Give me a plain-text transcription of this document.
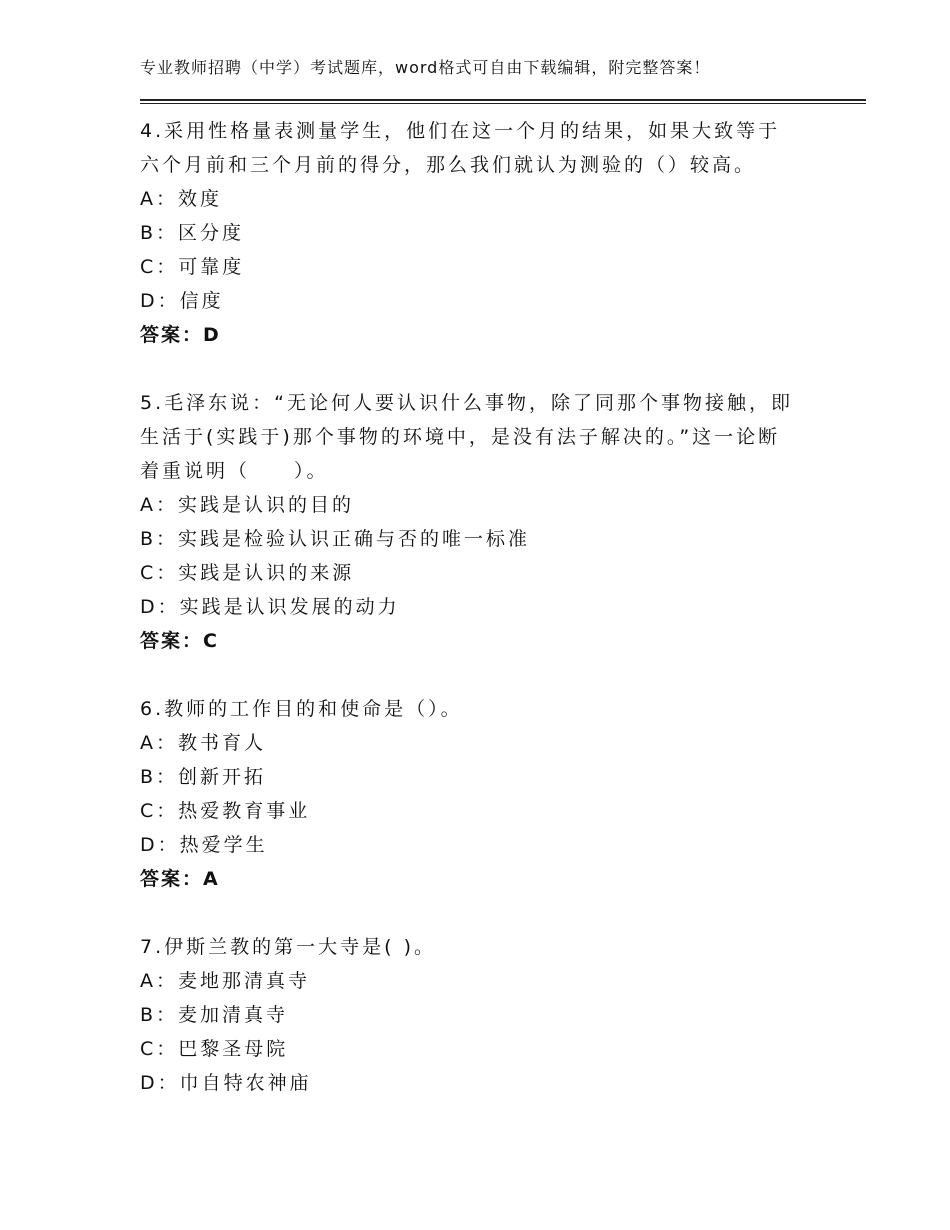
专业教师招聘（中学）考试题库，word格式可自由下载编辑，附完整答案！

4.采用性格量表测量学生，他们在这一个月的结果，如果大致等于六个月前和三个月前的得分，那么我们就认为测验的（）较高。

A：效度

B：区分度

C：可靠度

D：信度

答案：D

5.毛泽东说：“无论何人要认识什么事物，除了同那个事物接触，即生活于(实践于)那个事物的环境中，是没有法子解决的。”这一论断着重说明（　　）。

A：实践是认识的目的

B：实践是检验认识正确与否的唯一标准

C：实践是认识的来源

D：实践是认识发展的动力

答案：C

6.教师的工作目的和使命是（）。

A：教书育人

B：创新开拓

C：热爱教育事业

D：热爱学生

答案：A

7.伊斯兰教的第一大寺是( )。

A：麦地那清真寺

B：麦加清真寺

C：巴黎圣母院

D：巾自特农神庙
